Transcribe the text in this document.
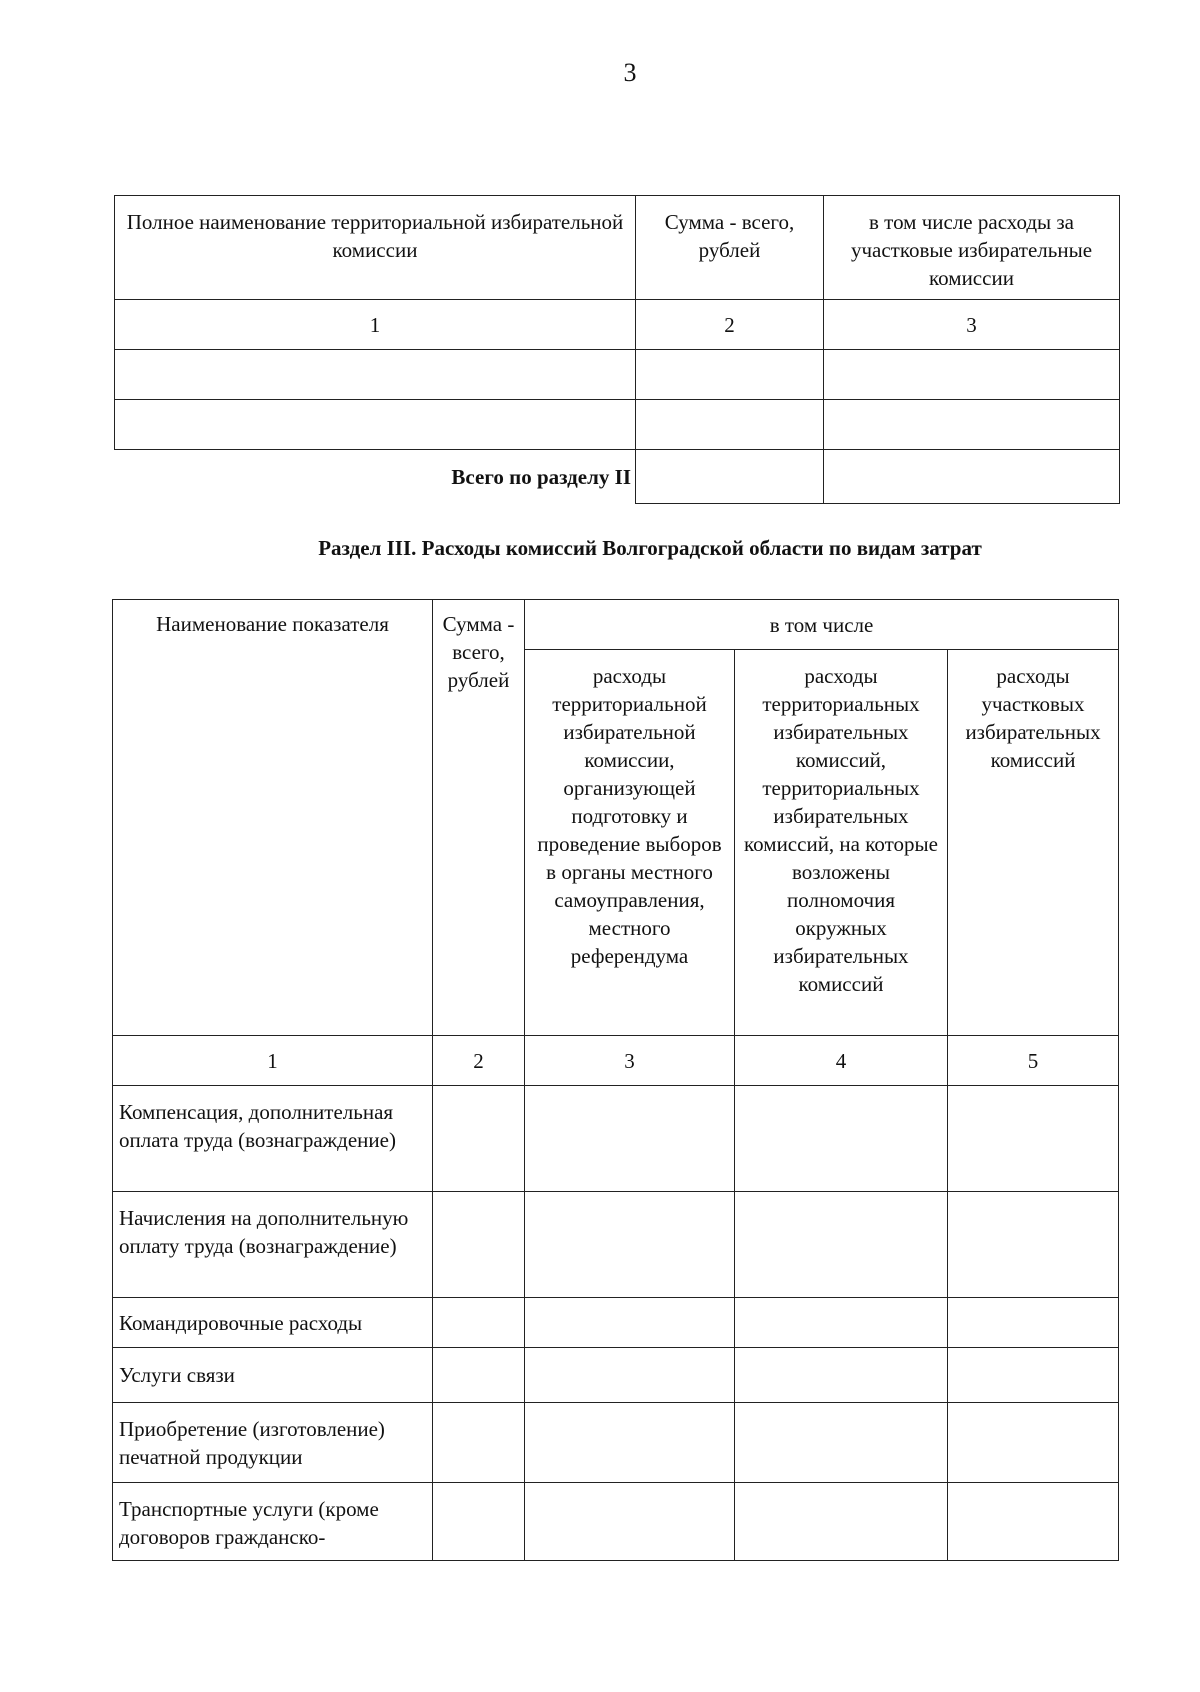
3
Полное наименование территориальной избирательной комиссии	Сумма - всего, рублей	в том числе расходы за участковые избирательные комиссии
1	2	3

Всего по разделу II		
Раздел III. Расходы комиссий Волгоградской области по видам затрат
Наименование показателя	Сумма - всего, рублей	в том числе		
		расходы территориальной избирательной комиссии, организующей подготовку и проведение выборов в органы местного самоуправления, местного референдума	расходы территориальных избирательных комиссий, территориальных избирательных комиссий, на которые возложены полномочия окружных избирательных комиссий	расходы участковых избирательных комиссий
1	2	3	4	5
Компенсация, дополнительная оплата труда (вознаграждение)				
Начисления на дополнительную оплату труда (вознаграждение)				
Командировочные расходы				
Услуги связи				
Приобретение (изготовление) печатной продукции				
Транспортные услуги (кроме договоров гражданско-				
